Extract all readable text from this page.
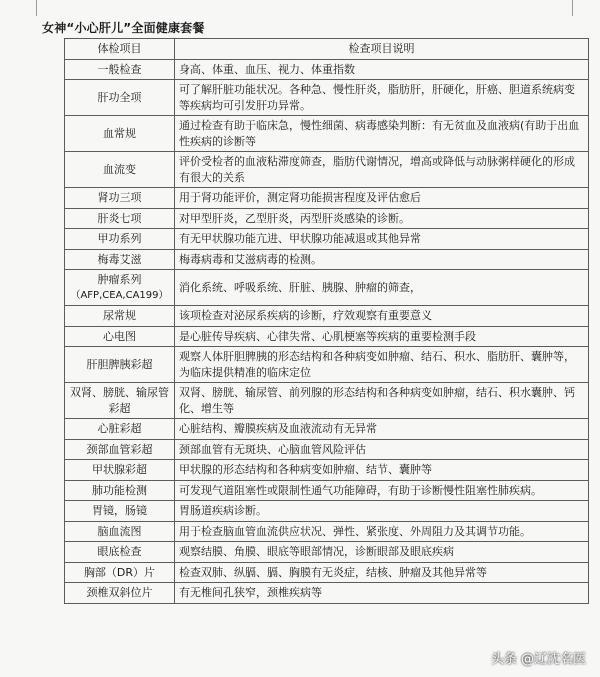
女神“小心肝儿”全面健康套餐
体检项目	检查项目说明
一般检查	身高、体重、血压、视力、体重指数
肝功全项	可了解肝脏功能状况。各种急、慢性肝炎，脂肪肝，肝硬化，肝癌、胆道系统病变等疾病均可引发肝功异常。
血常规	通过检查有助于临床急，慢性细菌、病毒感染判断：有无贫血及血液病(有助于出血性疾病的诊断等
血流变	评价受检者的血液粘滞度筛查，脂肪代谢情况，增高或降低与动脉粥样硬化的形成有很大的关系
肾功三项	用于肾功能评价，测定肾功能损害程度及评估愈后
肝炎七项	对甲型肝炎，乙型肝炎，丙型肝炎感染的诊断。
甲功系列	有无甲状腺功能亢进、甲状腺功能减退或其他异常
梅毒艾滋	梅毒病毒和艾滋病毒的检测。
肿瘤系列
（AFP,CEA,CA199）	消化系统、呼吸系统、肝脏、胰腺、肿瘤的筛查，
尿常规	该项检查对泌尿系疾病的诊断，疗效观察有重要意义
心电图	是心脏传导疾病、心律失常、心肌梗塞等疾病的重要检测手段
肝胆脾胰彩超	观察人体肝胆脾胰的形态结构和各种病变如肿瘤、结石、积水、脂肪肝、囊肿等，为临床提供精准的临床定位
双肾、膀胱、输尿管彩超	双肾、膀胱、输尿管、前列腺的形态结构和各种病变如肿瘤，结石、积水囊肿、钙化、增生等
心脏彩超	心脏结构、瓣膜疾病及血液流动有无异常
颈部血管彩超	颈部血管有无斑块、心脑血管风险评估
甲状腺彩超	甲状腺的形态结构和各种病变如肿瘤、结节、囊肿等
肺功能检测	可发现气道阻塞性或限制性通气功能障碍，有助于诊断慢性阻塞性肺疾病。
胃镜，肠镜	胃肠道疾病诊断。
脑血流图	用于检查脑血管血流供应状况、弹性、紧张度、外周阻力及其调节功能。
眼底检查	观察结膜、角膜、眼底等眼部情况，诊断眼部及眼底疾病
胸部（DR）片	检查双肺、纵膈、膈、胸膜有无炎症，结核、肿瘤及其他异常等
颈椎双斜位片	有无椎间孔狭窄，颈椎疾病等
头条 @辽沈名医
